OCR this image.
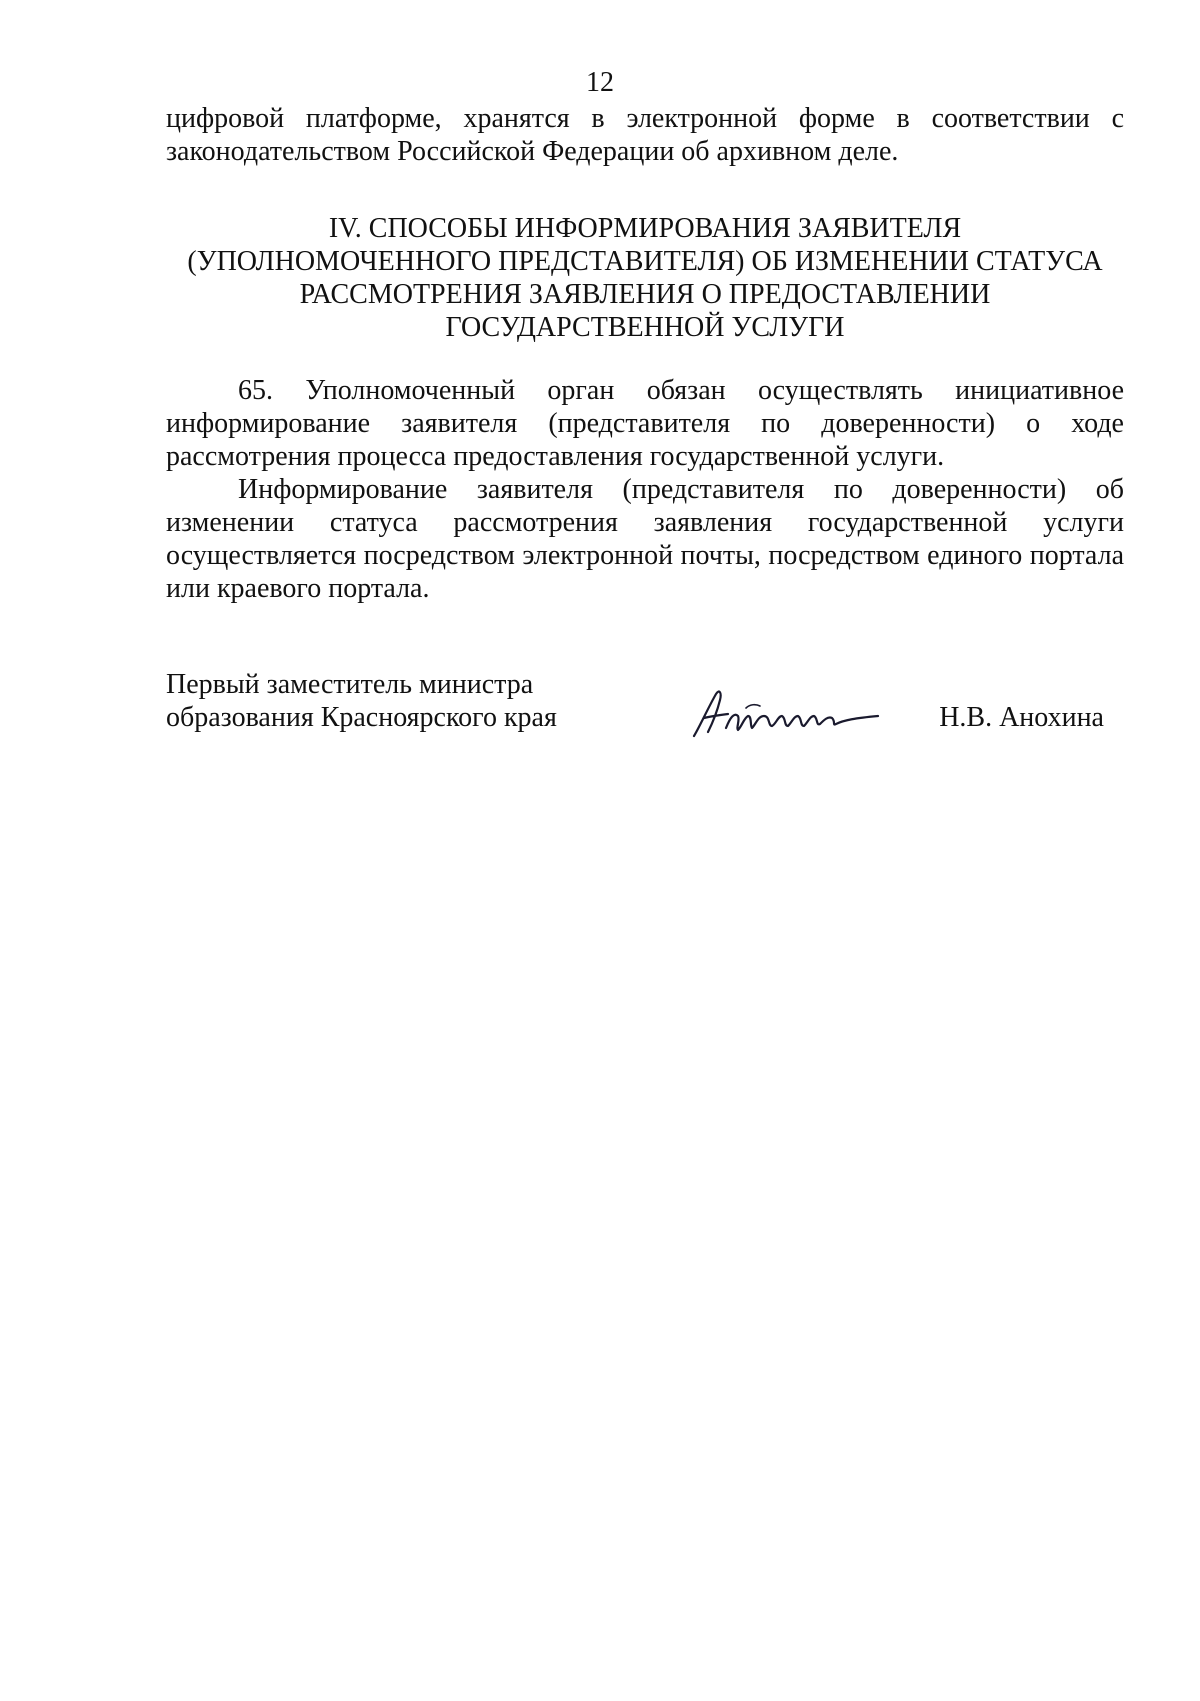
12

цифровой платформе, хранятся в электронной форме в соответствии с законодательством Российской Федерации об архивном деле.

IV. СПОСОБЫ ИНФОРМИРОВАНИЯ ЗАЯВИТЕЛЯ
(УПОЛНОМОЧЕННОГО ПРЕДСТАВИТЕЛЯ) ОБ ИЗМЕНЕНИИ СТАТУСА
РАССМОТРЕНИЯ ЗАЯВЛЕНИЯ О ПРЕДОСТАВЛЕНИИ
ГОСУДАРСТВЕННОЙ УСЛУГИ

65. Уполномоченный орган обязан осуществлять инициативное информирование заявителя (представителя по доверенности) о ходе рассмотрения процесса предоставления государственной услуги.

Информирование заявителя (представителя по доверенности) об изменении статуса рассмотрения заявления государственной услуги осуществляется посредством электронной почты, посредством единого портала или краевого портала.

Первый заместитель министра
образования Красноярского края	Н.В. Анохина
